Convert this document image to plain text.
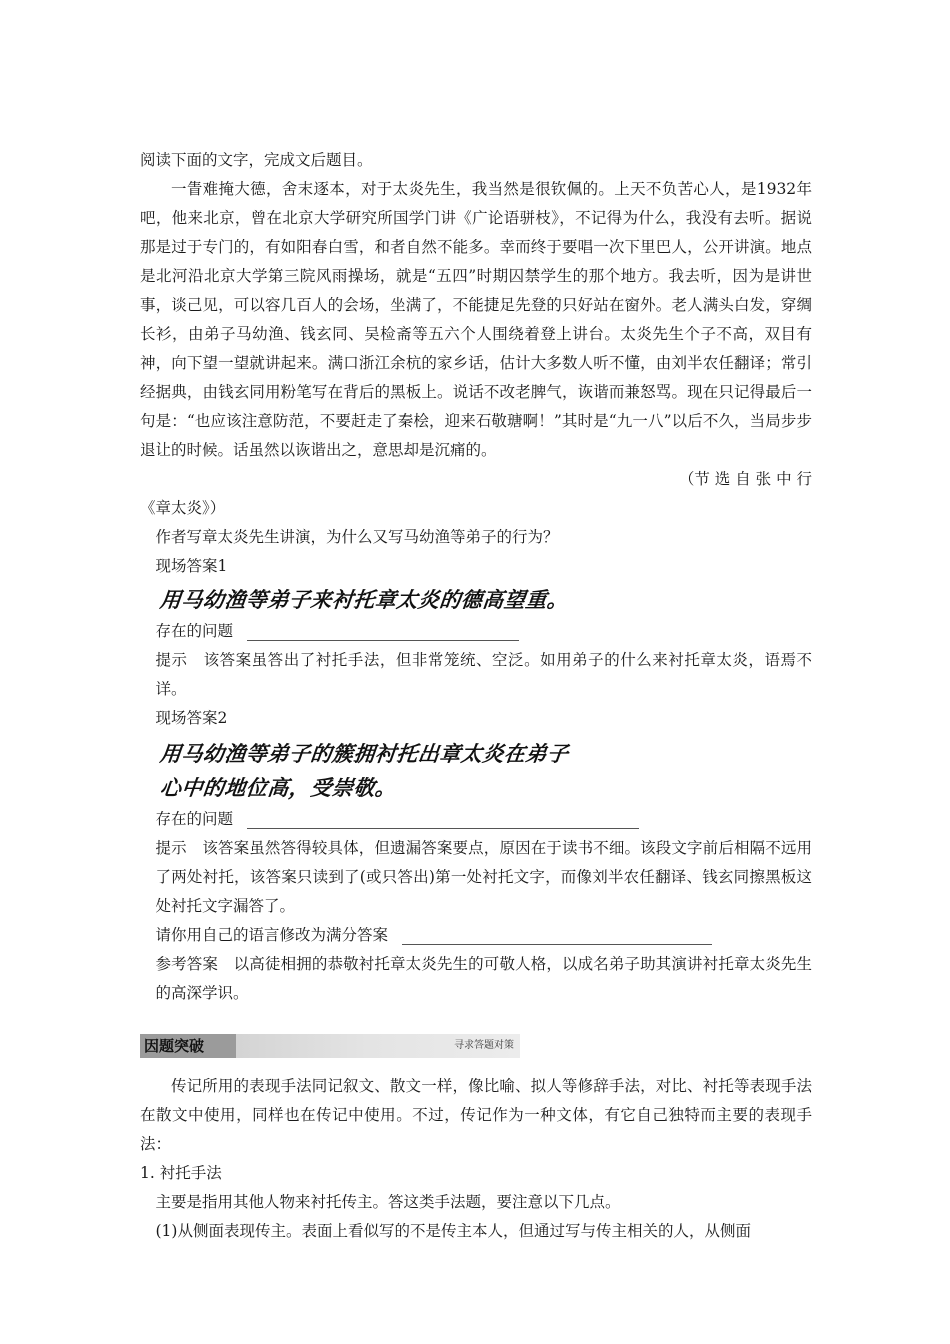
阅读下面的文字，完成文后题目。

一眚难掩大德，舍末逐本，对于太炎先生，我当然是很钦佩的。上天不负苦心人，是1932年吧，他来北京，曾在北京大学研究所国学门讲《广论语骈枝》，不记得为什么，我没有去听。据说那是过于专门的，有如阳春白雪，和者自然不能多。幸而终于要唱一次下里巴人，公开讲演。地点是北河沿北京大学第三院风雨操场，就是“五四”时期囚禁学生的那个地方。我去听，因为是讲世事，谈己见，可以容几百人的会场，坐满了，不能捷足先登的只好站在窗外。老人满头白发，穿绸长衫，由弟子马幼渔、钱玄同、吴检斋等五六个人围绕着登上讲台。太炎先生个子不高，双目有神，向下望一望就讲起来。满口浙江余杭的家乡话，估计大多数人听不懂，由刘半农任翻译；常引经据典，由钱玄同用粉笔写在背后的黑板上。说话不改老脾气，诙谐而兼怒骂。现在只记得最后一句是：“也应该注意防范，不要赶走了秦桧，迎来石敬瑭啊！”其时是“九一八”以后不久，当局步步退让的时候。话虽然以诙谐出之，意思却是沉痛的。

（节 选 自 张 中 行

《章太炎》）

作者写章太炎先生讲演，为什么又写马幼渔等弟子的行为？

现场答案1

用马幼渔等弟子来衬托章太炎的德高望重。

存在的问题

提示　该答案虽答出了衬托手法，但非常笼统、空泛。如用弟子的什么来衬托章太炎，语焉不详。

现场答案2

用马幼渔等弟子的簇拥衬托出章太炎在弟子

心中的地位高，受崇敬。

存在的问题

提示　该答案虽然答得较具体，但遗漏答案要点，原因在于读书不细。该段文字前后相隔不远用了两处衬托，该答案只读到了(或只答出)第一处衬托文字，而像刘半农任翻译、钱玄同擦黑板这处衬托文字漏答了。

请你用自己的语言修改为满分答案

参考答案　以高徒相拥的恭敬衬托章太炎先生的可敬人格，以成名弟子助其演讲衬托章太炎先生的高深学识。

因题突破	寻求答题对策

传记所用的表现手法同记叙文、散文一样，像比喻、拟人等修辞手法，对比、衬托等表现手法在散文中使用，同样也在传记中使用。不过，传记作为一种文体，有它自己独特而主要的表现手法：

1. 衬托手法

主要是指用其他人物来衬托传主。答这类手法题，要注意以下几点。

(1)从侧面表现传主。表面上看似写的不是传主本人，但通过写与传主相关的人，从侧面
